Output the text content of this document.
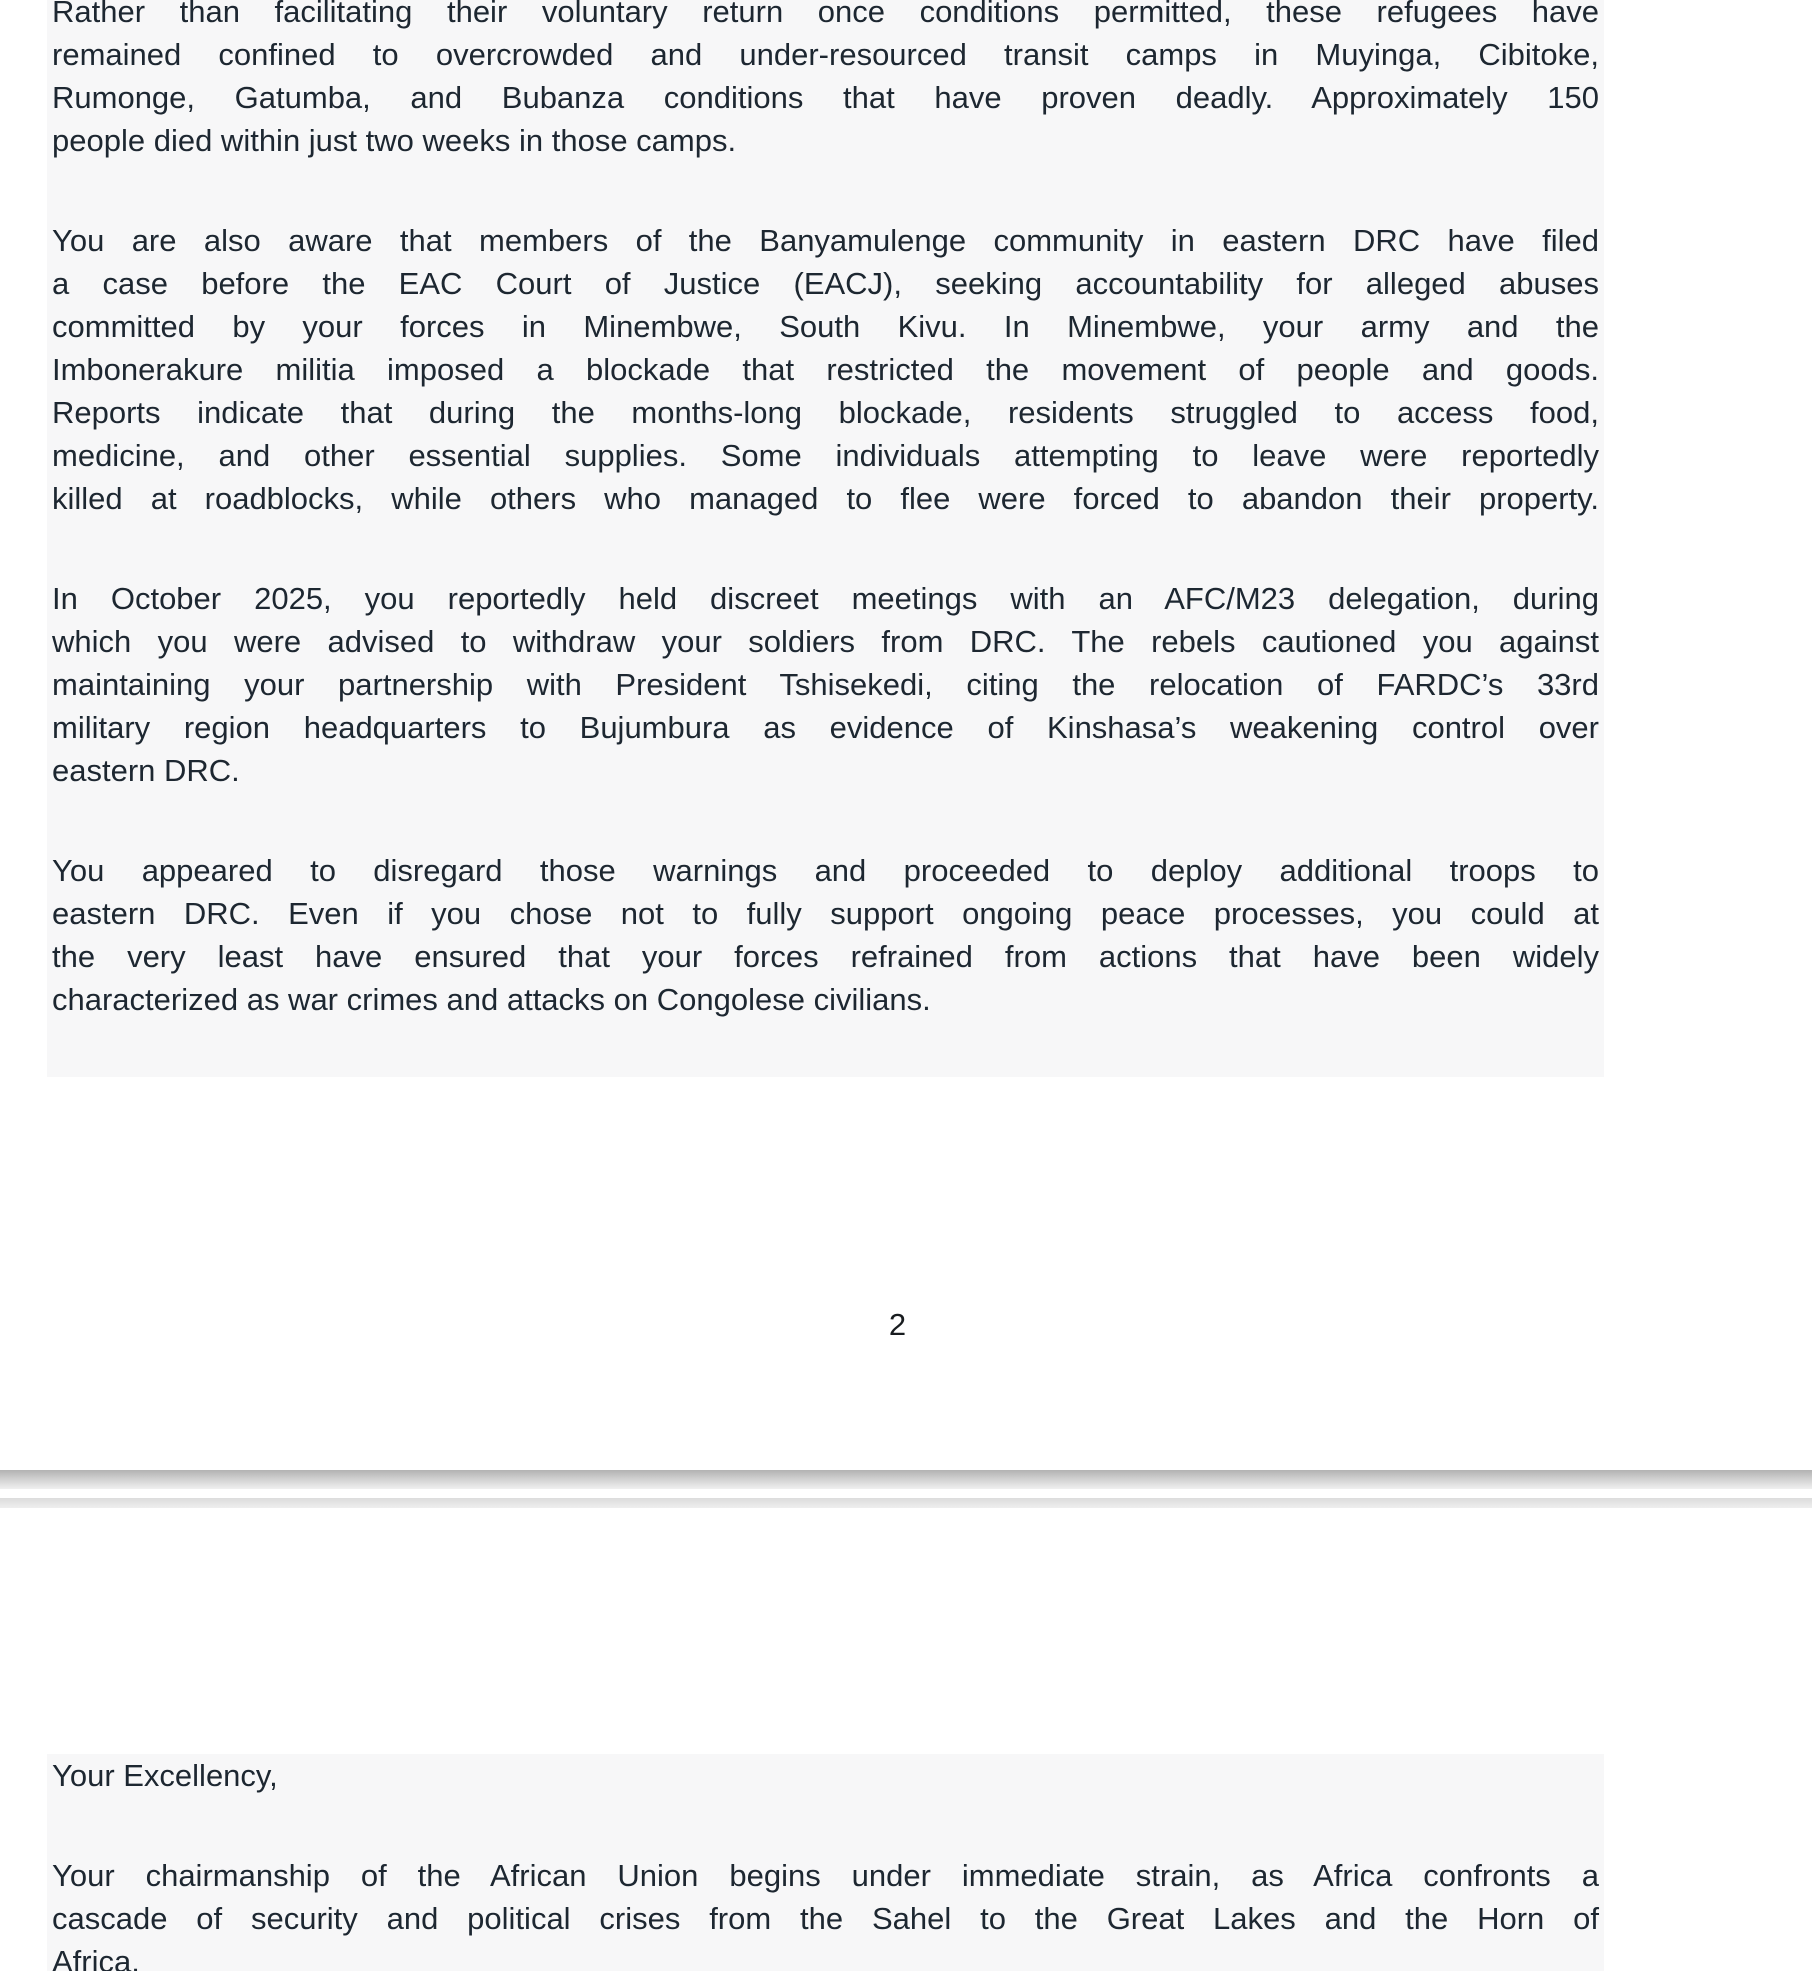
Rather than facilitating their voluntary return once conditions permitted, these refugees have
remained confined to overcrowded and under-resourced transit camps in Muyinga, Cibitoke,
Rumonge, Gatumba, and Bubanza conditions that have proven deadly. Approximately 150
people died within just two weeks in those camps.
You are also aware that members of the Banyamulenge community in eastern DRC have filed
a case before the EAC Court of Justice (EACJ), seeking accountability for alleged abuses
committed by your forces in Minembwe, South Kivu. In Minembwe, your army and the
Imbonerakure militia imposed a blockade that restricted the movement of people and goods.
Reports indicate that during the months-long blockade, residents struggled to access food,
medicine, and other essential supplies. Some individuals attempting to leave were reportedly
killed at roadblocks, while others who managed to flee were forced to abandon their property.
In October 2025, you reportedly held discreet meetings with an AFC/M23 delegation, during
which you were advised to withdraw your soldiers from DRC. The rebels cautioned you against
maintaining your partnership with President Tshisekedi, citing the relocation of FARDC’s 33rd
military region headquarters to Bujumbura as evidence of Kinshasa’s weakening control over
eastern DRC.
You appeared to disregard those warnings and proceeded to deploy additional troops to
eastern DRC. Even if you chose not to fully support ongoing peace processes, you could at
the very least have ensured that your forces refrained from actions that have been widely
characterized as war crimes and attacks on Congolese civilians.
2
Your Excellency,
Your chairmanship of the African Union begins under immediate strain, as Africa confronts a
cascade of security and political crises from the Sahel to the Great Lakes and the Horn of
Africa.
